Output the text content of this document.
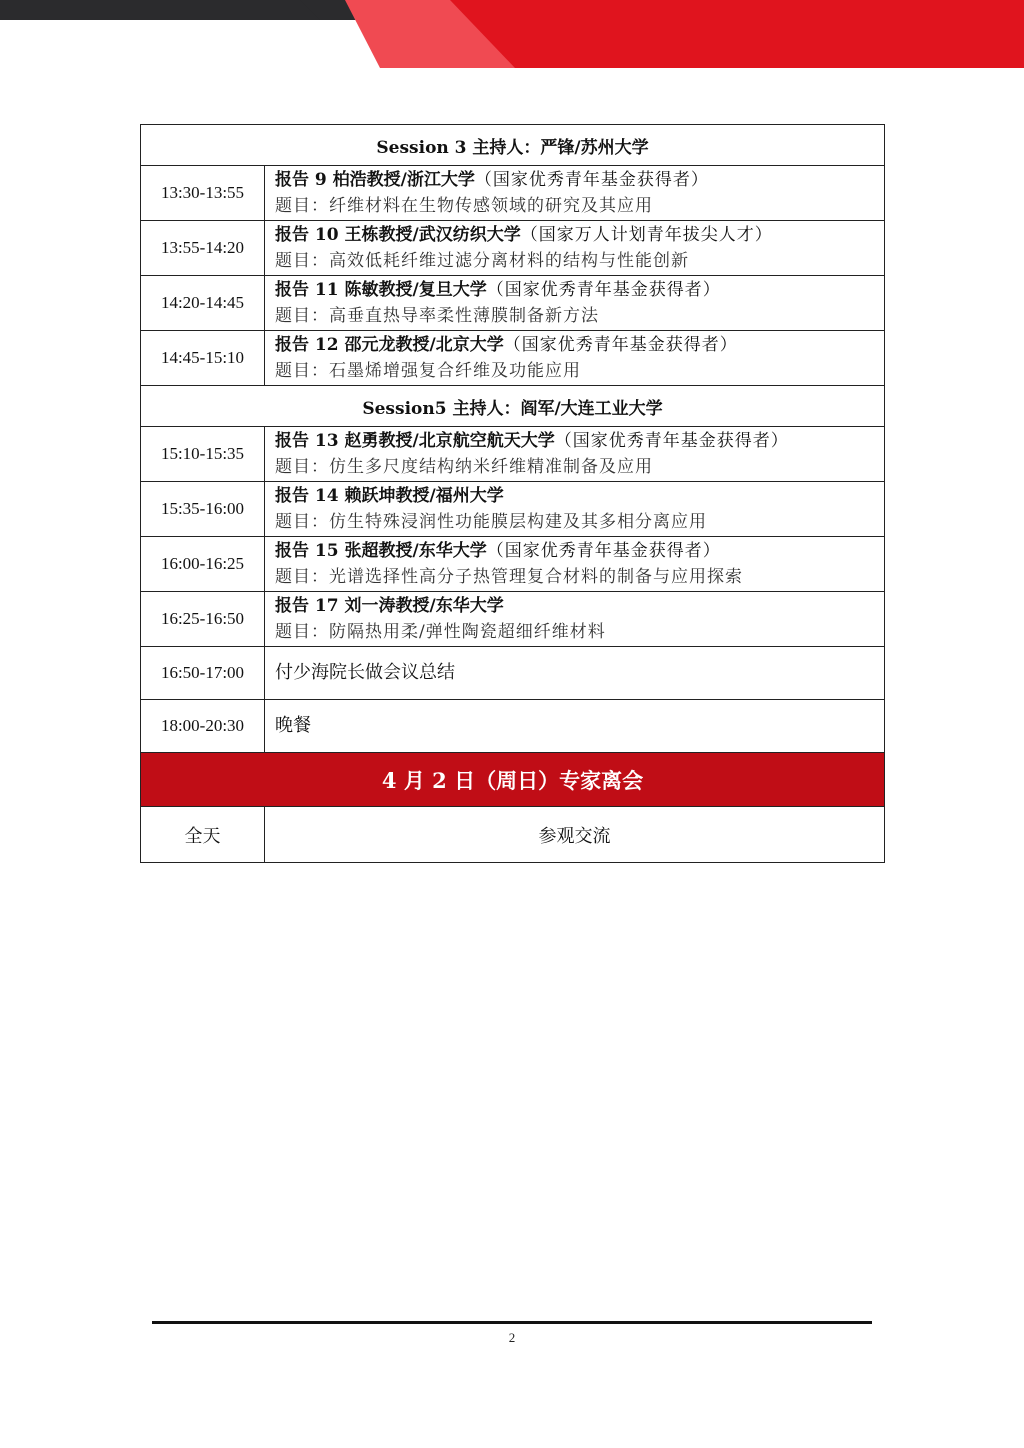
Session 3 主持人：严锋/苏州大学	
13:30-13:55	报告 9 柏浩教授/浙江大学（国家优秀青年基金获得者）
题目：纤维材料在生物传感领域的研究及其应用

13:55-14:20	报告 10 王栋教授/武汉纺织大学（国家万人计划青年拔尖人才）
题目：高效低耗纤维过滤分离材料的结构与性能创新

14:20-14:45	报告 11 陈敏教授/复旦大学（国家优秀青年基金获得者）
题目：高垂直热导率柔性薄膜制备新方法

14:45-15:10	报告 12 邵元龙教授/北京大学（国家优秀青年基金获得者）
题目：石墨烯增强复合纤维及功能应用

Session5 主持人：阎军/大连工业大学	
15:10-15:35	报告 13 赵勇教授/北京航空航天大学（国家优秀青年基金获得者）
题目：仿生多尺度结构纳米纤维精准制备及应用

15:35-16:00	报告 14 赖跃坤教授/福州大学
题目：仿生特殊浸润性功能膜层构建及其多相分离应用

16:00-16:25	报告 15 张超教授/东华大学（国家优秀青年基金获得者）
题目：光谱选择性高分子热管理复合材料的制备与应用探索

16:25-16:50	报告 17 刘一涛教授/东华大学
题目：防隔热用柔/弹性陶瓷超细纤维材料

16:50-17:00	付少海院长做会议总结
18:00-20:30	晚餐
4 月 2 日（周日）专家离会	
全天	参观交流
2
